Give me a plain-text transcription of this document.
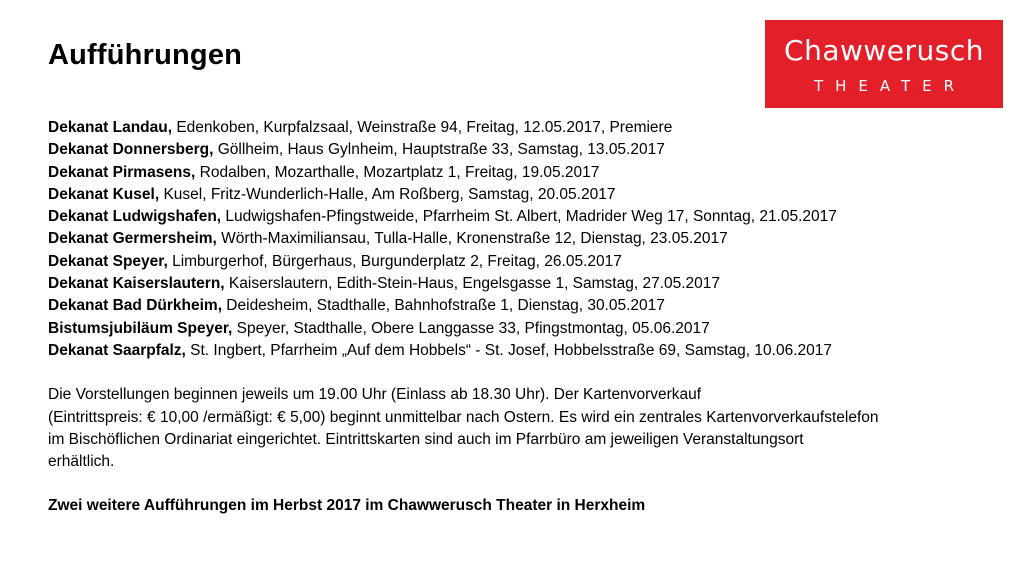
Aufführungen	Chawwerusch
THEATER
Dekanat Landau, Edenkoben, Kurpfalzsaal, Weinstraße 94, Freitag, 12.05.2017, Premiere
Dekanat Donnersberg, Göllheim, Haus Gylnheim, Hauptstraße 33, Samstag, 13.05.2017
Dekanat Pirmasens, Rodalben, Mozarthalle, Mozartplatz 1, Freitag, 19.05.2017
Dekanat Kusel, Kusel, Fritz-Wunderlich-Halle, Am Roßberg, Samstag, 20.05.2017
Dekanat Ludwigshafen, Ludwigshafen-Pfingstweide, Pfarrheim St. Albert, Madrider Weg 17, Sonntag, 21.05.2017
Dekanat Germersheim, Wörth-Maximiliansau, Tulla-Halle, Kronenstraße 12, Dienstag, 23.05.2017
Dekanat Speyer, Limburgerhof, Bürgerhaus, Burgunderplatz 2, Freitag, 26.05.2017
Dekanat Kaiserslautern, Kaiserslautern, Edith-Stein-Haus, Engelsgasse 1, Samstag, 27.05.2017
Dekanat Bad Dürkheim, Deidesheim, Stadthalle, Bahnhofstraße 1, Dienstag, 30.05.2017
Bistumsjubiläum Speyer, Speyer, Stadthalle, Obere Langgasse 33, Pfingstmontag, 05.06.2017
Dekanat Saarpfalz, St. Ingbert, Pfarrheim „Auf dem Hobbels“ - St. Josef, Hobbelsstraße 69, Samstag, 10.06.2017
Die Vorstellungen beginnen jeweils um 19.00 Uhr (Einlass ab 18.30 Uhr). Der Kartenvorverkauf
(Eintrittspreis: € 10,00 /ermäßigt: € 5,00) beginnt unmittelbar nach Ostern. Es wird ein zentrales Kartenvorverkaufstelefon
im Bischöflichen Ordinariat eingerichtet. Eintrittskarten sind auch im Pfarrbüro am jeweiligen Veranstaltungsort
erhältlich.
Zwei weitere Aufführungen im Herbst 2017 im Chawwerusch Theater in Herxheim
